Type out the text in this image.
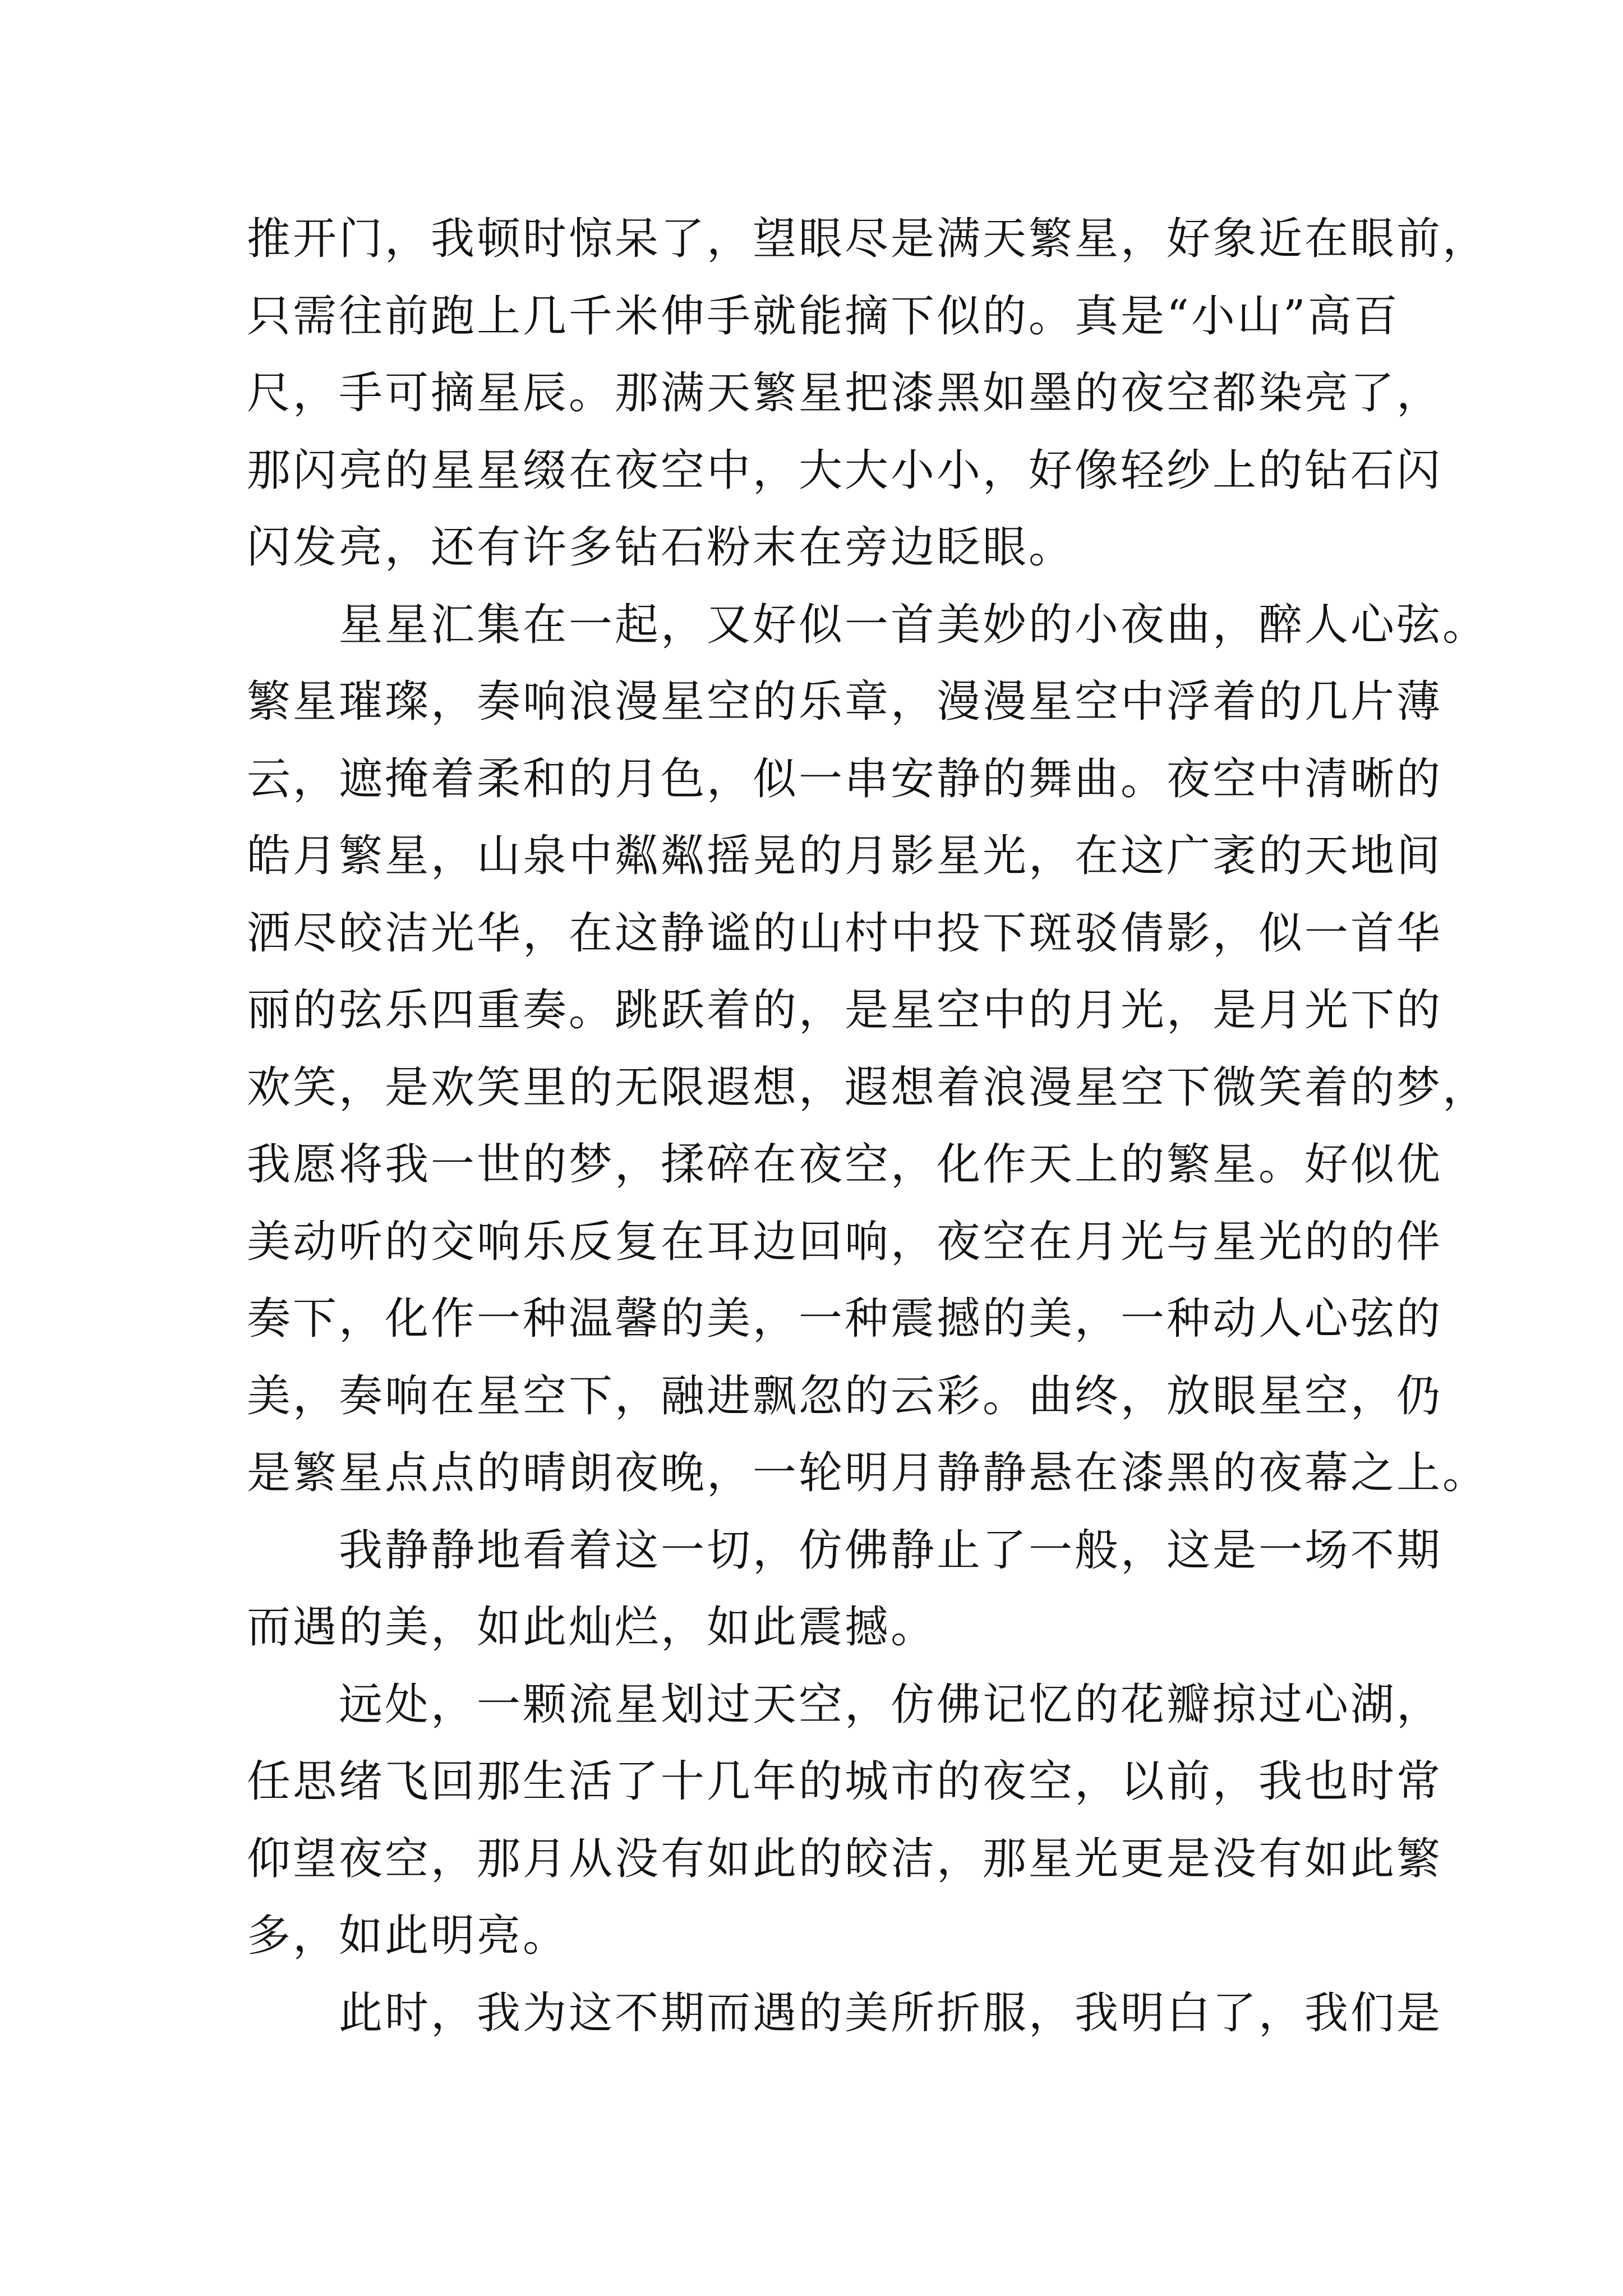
推开门，我顿时惊呆了，望眼尽是满天繁星，好象近在眼前，
只需往前跑上几千米伸手就能摘下似的。真是“小山”高百
尺，手可摘星辰。那满天繁星把漆黑如墨的夜空都染亮了，
那闪亮的星星缀在夜空中，大大小小，好像轻纱上的钻石闪
闪发亮，还有许多钻石粉末在旁边眨眼。
星星汇集在一起，又好似一首美妙的小夜曲，醉人心弦。
繁星璀璨，奏响浪漫星空的乐章，漫漫星空中浮着的几片薄
云，遮掩着柔和的月色，似一串安静的舞曲。夜空中清晰的
皓月繁星，山泉中粼粼摇晃的月影星光，在这广袤的天地间
洒尽皎洁光华，在这静谧的山村中投下斑驳倩影，似一首华
丽的弦乐四重奏。跳跃着的，是星空中的月光，是月光下的
欢笑，是欢笑里的无限遐想，遐想着浪漫星空下微笑着的梦，
我愿将我一世的梦，揉碎在夜空，化作天上的繁星。好似优
美动听的交响乐反复在耳边回响，夜空在月光与星光的的伴
奏下，化作一种温馨的美，一种震撼的美，一种动人心弦的
美，奏响在星空下，融进飘忽的云彩。曲终，放眼星空，仍
是繁星点点的晴朗夜晚，一轮明月静静悬在漆黑的夜幕之上。
我静静地看着这一切，仿佛静止了一般，这是一场不期
而遇的美，如此灿烂，如此震撼。
远处，一颗流星划过天空，仿佛记忆的花瓣掠过心湖，
任思绪飞回那生活了十几年的城市的夜空，以前，我也时常
仰望夜空，那月从没有如此的皎洁，那星光更是没有如此繁
多，如此明亮。
此时，我为这不期而遇的美所折服，我明白了，我们是
